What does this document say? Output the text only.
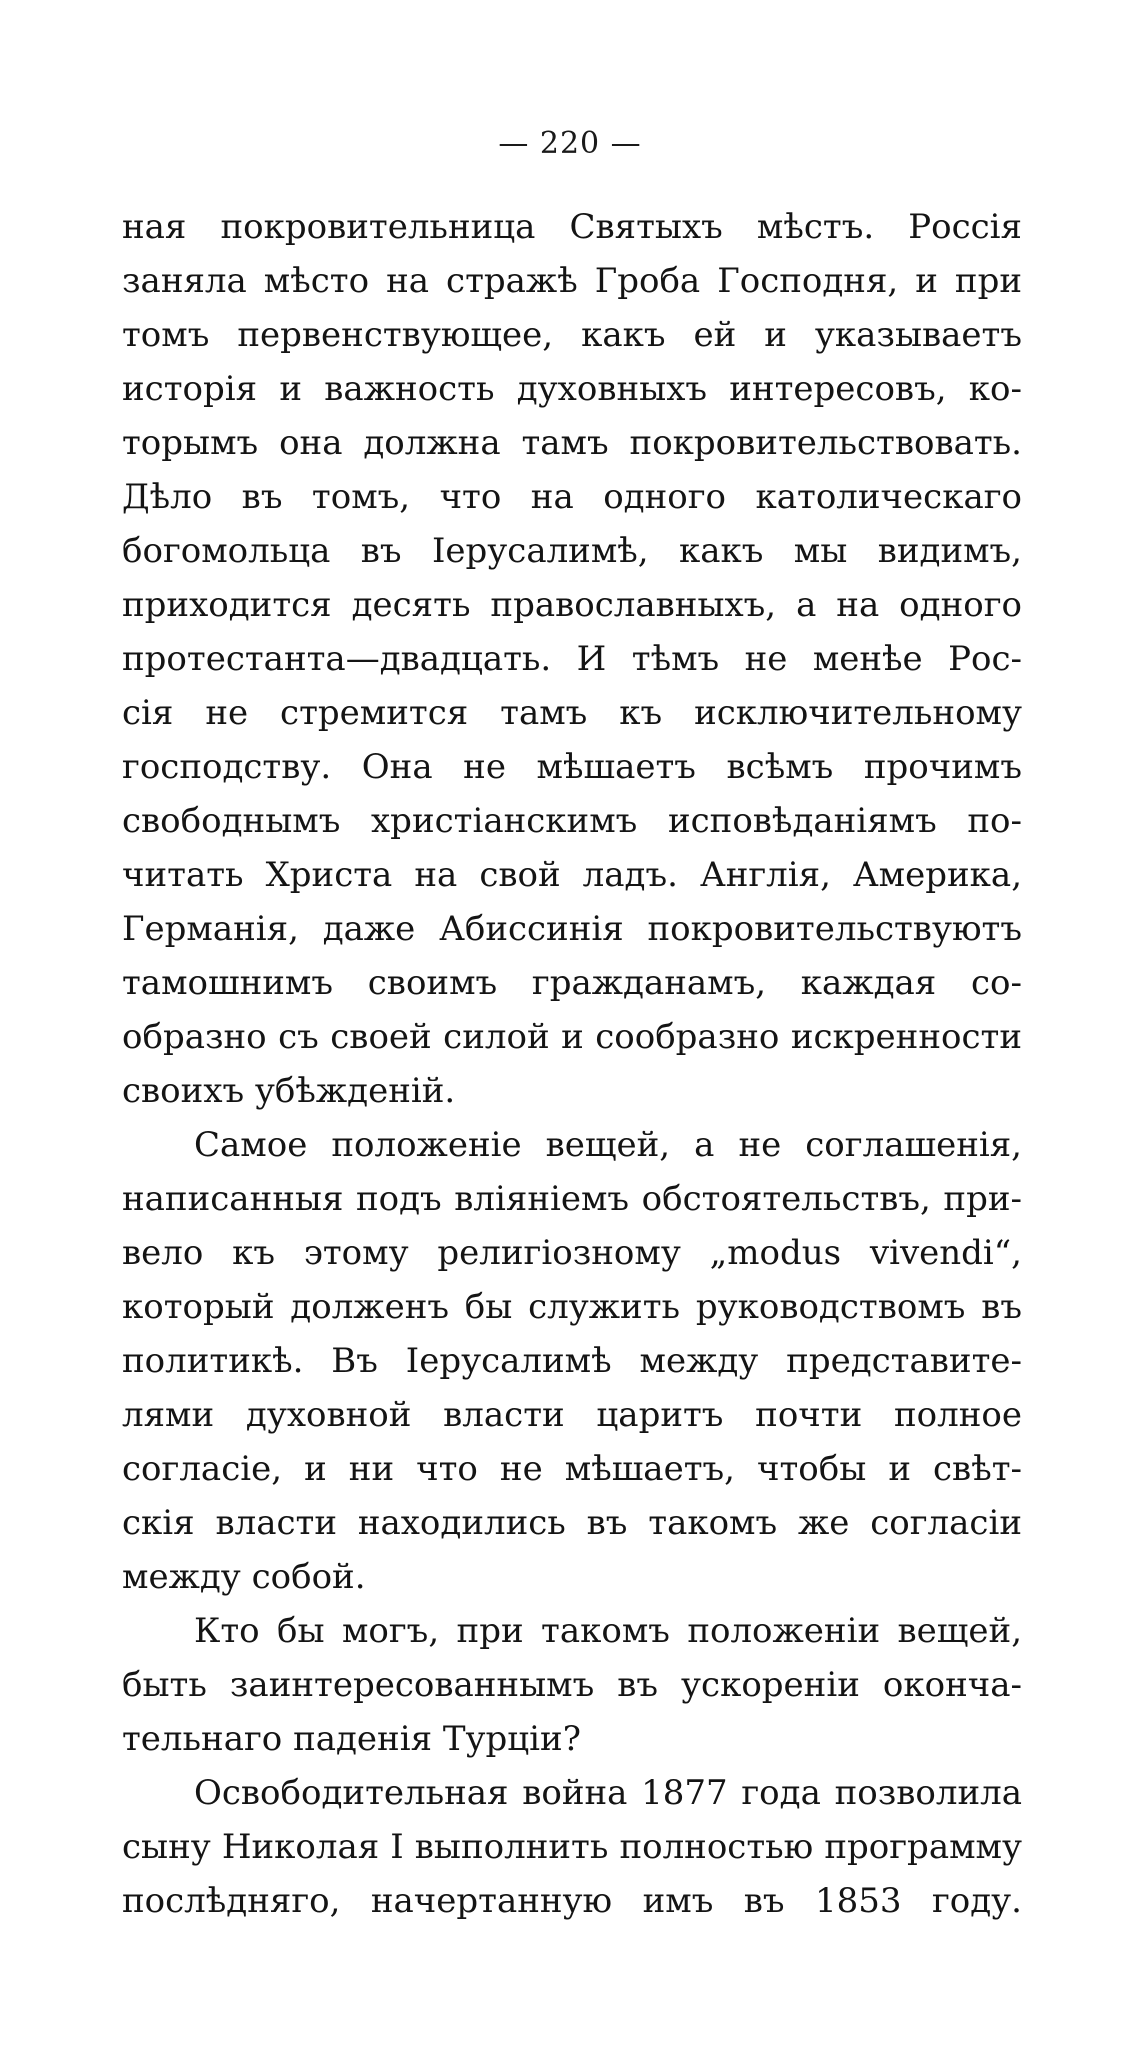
— 220 —
ная покровительница Святыхъ мѣстъ. Россія
заняла мѣсто на стражѣ Гроба Господня, и при
томъ первенствующее, какъ ей и указываетъ
исторія и важность духовныхъ интересовъ, ко-
торымъ она должна тамъ покровительствовать.
Дѣло въ томъ, что на одного католическаго
богомольца въ Іерусалимѣ, какъ мы видимъ,
приходится десять православныхъ, а на одного
протестанта—двадцать. И тѣмъ не менѣе Рос-
сія не стремится тамъ къ исключительному
господству. Она не мѣшаетъ всѣмъ прочимъ
свободнымъ христіанскимъ исповѣданіямъ по-
читать Христа на свой ладъ. Англія, Америка,
Германія, даже Абиссинія покровительствуютъ
тамошнимъ своимъ гражданамъ, каждая со-
образно съ своей силой и сообразно искренности
своихъ убѣжденій.
Самое положеніе вещей, а не соглашенія,
написанныя подъ вліяніемъ обстоятельствъ, при-
вело къ этому религіозному „modus vivendi“,
который долженъ бы служить руководствомъ въ
политикѣ. Въ Іерусалимѣ между представите-
лями духовной власти царитъ почти полное
согласіе, и ни что не мѣшаетъ, чтобы и свѣт-
скія власти находились въ такомъ же согласіи
между собой.
Кто бы могъ, при такомъ положеніи вещей,
быть заинтересованнымъ въ ускореніи оконча-
тельнаго паденія Турціи?
Освободительная война 1877 года позволила
сыну Николая I выполнить полностью программу
послѣдняго, начертанную имъ въ 1853 году.
